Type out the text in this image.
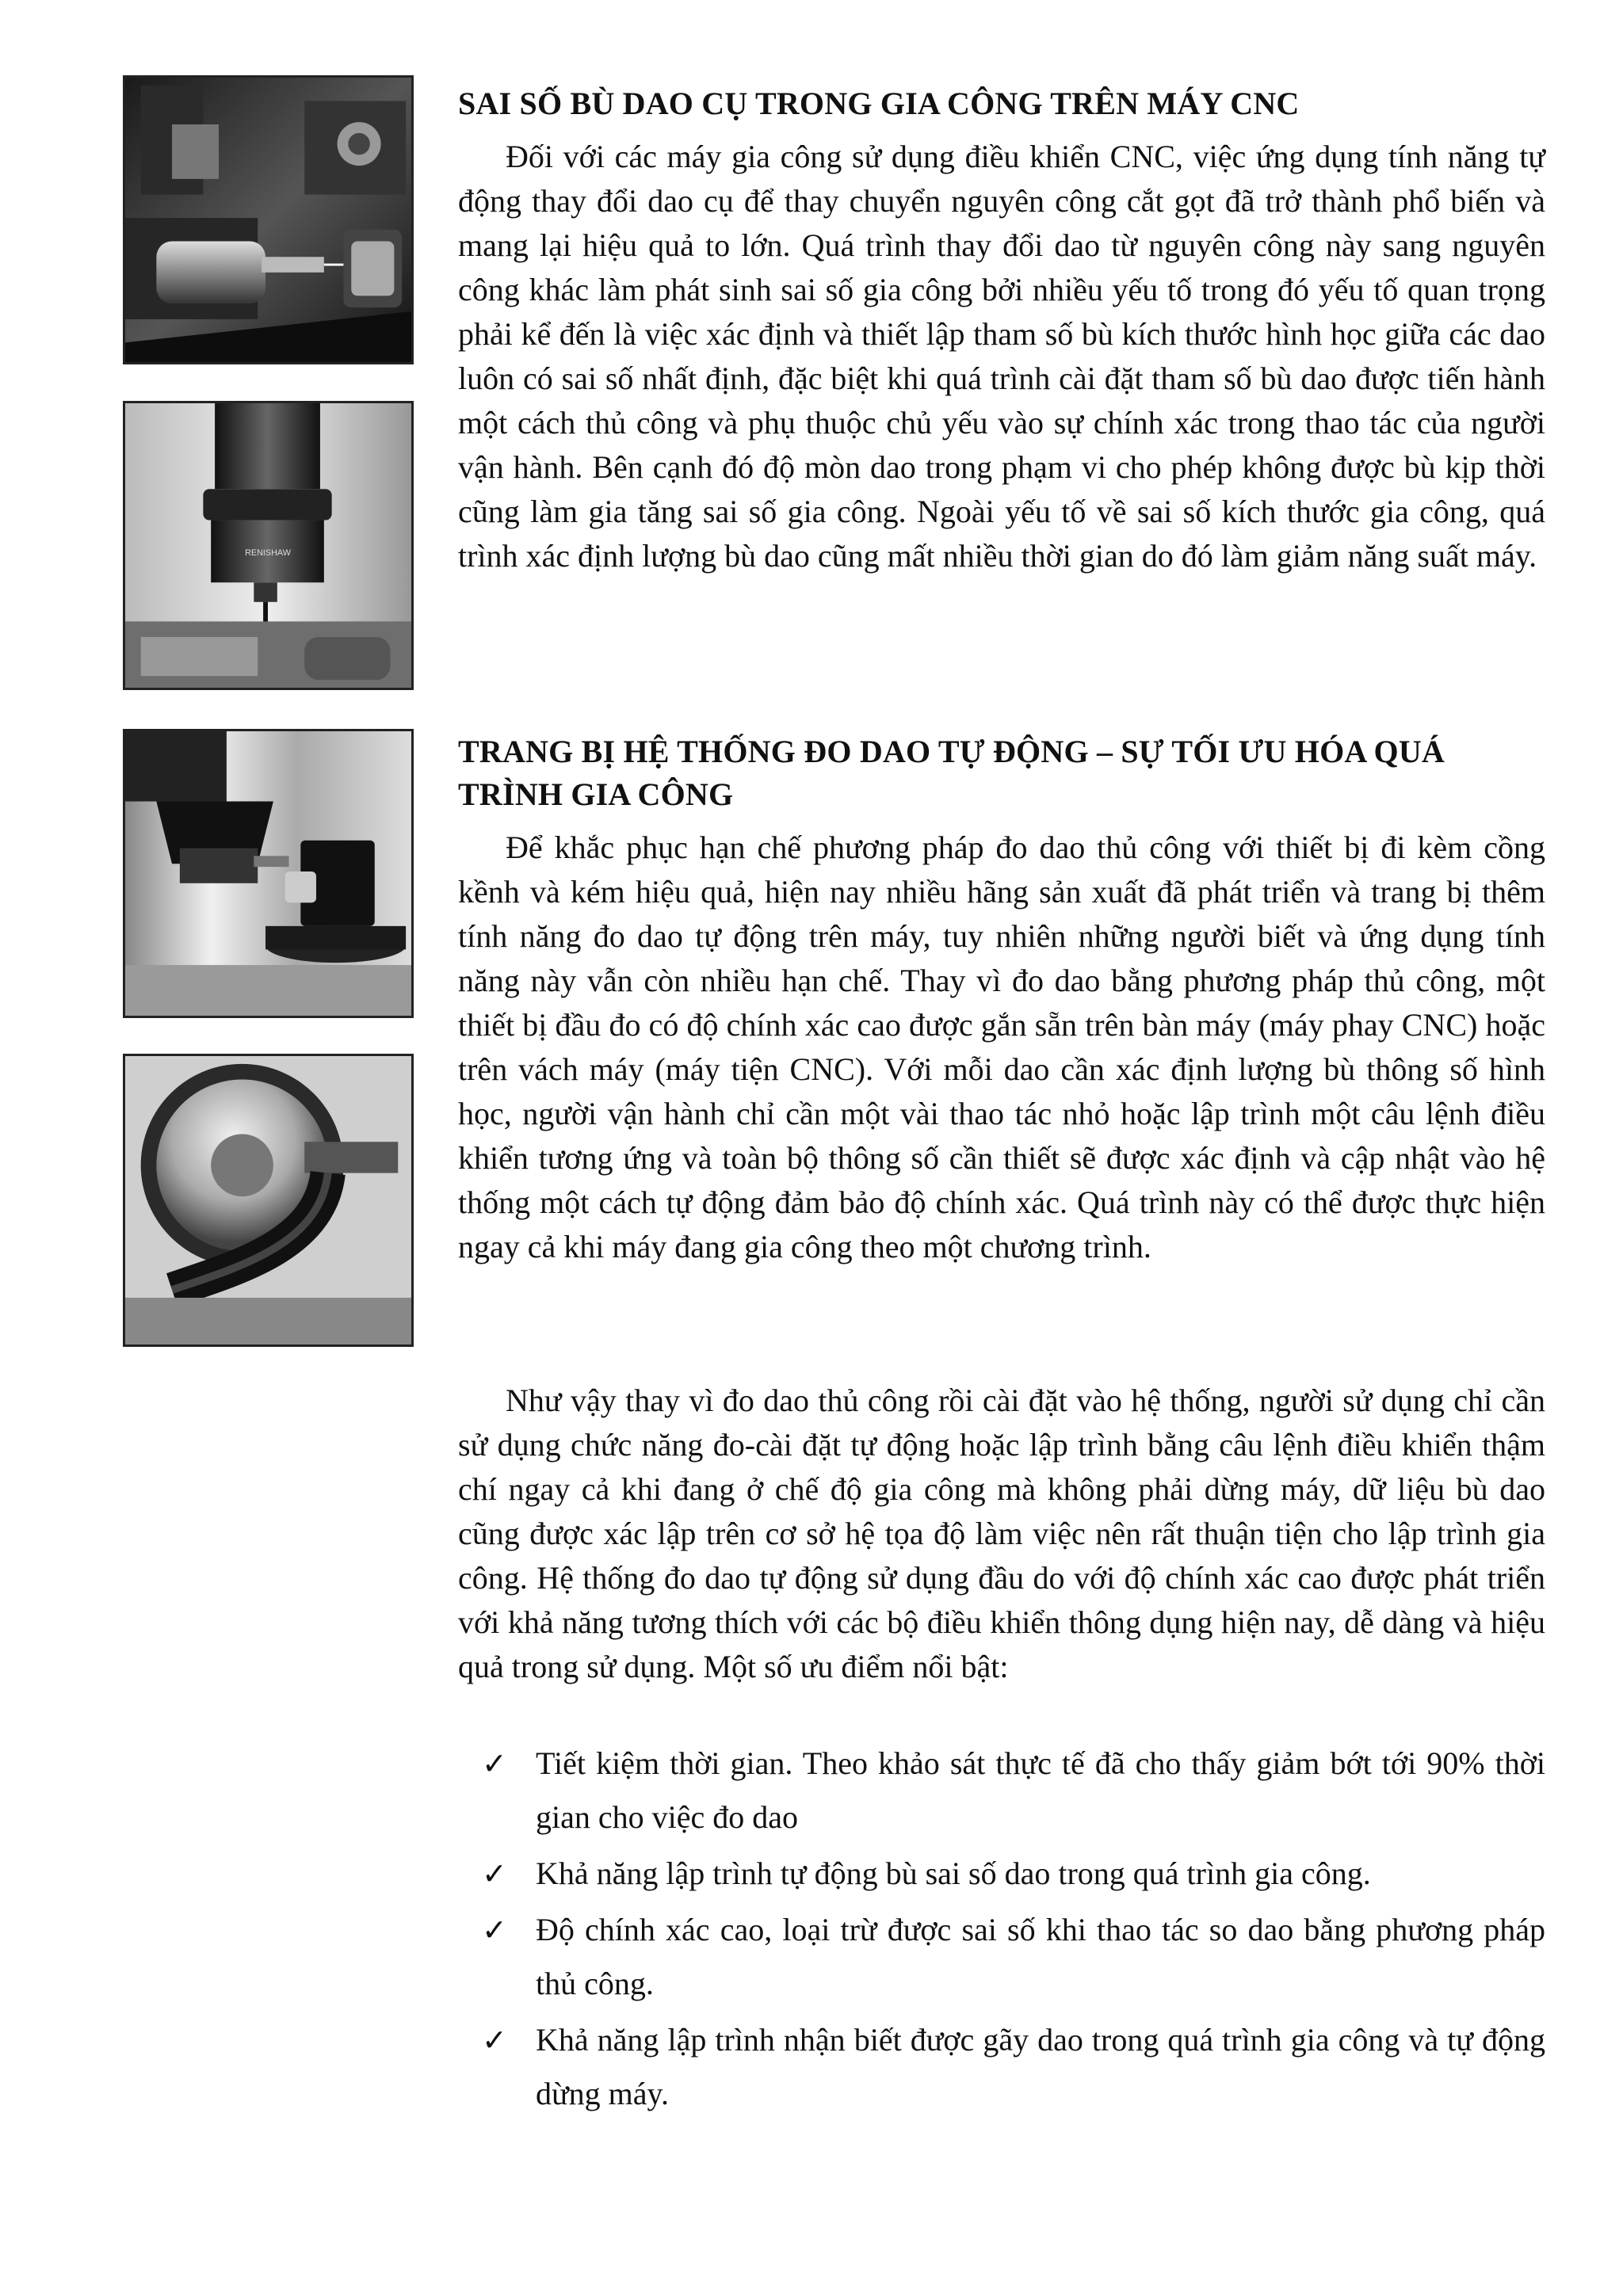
RENISHAW
SAI SỐ BÙ DAO CỤ TRONG GIA CÔNG TRÊN MÁY CNC

Đối với các máy gia công sử dụng điều khiển CNC, việc ứng dụng tính năng tự động thay đổi dao cụ để thay chuyển nguyên công cắt gọt đã trở thành phổ biến và mang lại hiệu quả to lớn. Quá trình thay đổi dao từ nguyên công này sang nguyên công khác làm phát sinh sai số gia công bởi nhiều yếu tố trong đó yếu tố quan trọng phải kể đến là việc xác định và thiết lập tham số bù kích thước hình học giữa các dao luôn có sai số nhất định, đặc biệt khi quá trình cài đặt tham số bù dao được tiến hành một cách thủ công và phụ thuộc chủ yếu vào sự chính xác trong thao tác của người vận hành. Bên cạnh đó độ mòn dao trong phạm vi cho phép không được bù kịp thời cũng làm gia tăng sai số gia công. Ngoài yếu tố về sai số kích thước gia công, quá trình xác định lượng bù dao cũng mất nhiều thời gian do đó làm giảm năng suất máy.

TRANG BỊ HỆ THỐNG ĐO DAO TỰ ĐỘNG – SỰ TỐI ƯU HÓA QUÁ TRÌNH GIA CÔNG

Để khắc phục hạn chế phương pháp đo dao thủ công với thiết bị đi kèm cồng kềnh và kém hiệu quả, hiện nay nhiều hãng sản xuất đã phát triển và trang bị thêm tính năng đo dao tự động trên máy, tuy nhiên những người biết và ứng dụng tính năng này vẫn còn nhiều hạn chế. Thay vì đo dao bằng phương pháp thủ công, một thiết bị đầu đo có độ chính xác cao được gắn sẵn trên bàn máy (máy phay CNC) hoặc trên vách máy (máy tiện CNC). Với mỗi dao cần xác định lượng bù thông số hình học, người vận hành chỉ cần một vài thao tác nhỏ hoặc lập trình một câu lệnh điều khiển tương ứng và toàn bộ thông số cần thiết sẽ được xác định và cập nhật vào hệ thống một cách tự động đảm bảo độ chính xác. Quá trình này có thể được thực hiện ngay cả khi máy đang gia công theo một chương trình.

Như vậy thay vì đo dao thủ công rồi cài đặt vào hệ thống, người sử dụng chỉ cần sử dụng chức năng đo-cài đặt tự động hoặc lập trình bằng câu lệnh điều khiển thậm chí ngay cả khi đang ở chế độ gia công mà không phải dừng máy, dữ liệu bù dao cũng được xác lập trên cơ sở hệ tọa độ làm việc nên rất thuận tiện cho lập trình gia công. Hệ thống đo dao tự động sử dụng đầu do với độ chính xác cao được phát triển với khả năng tương thích với các bộ điều khiển thông dụng hiện nay, dễ dàng và hiệu quả trong sử dụng. Một số ưu điểm nổi bật:

✓ Tiết kiệm thời gian. Theo khảo sát thực tế đã cho thấy giảm bớt tới 90% thời gian cho việc đo dao
✓ Khả năng lập trình tự động bù sai số dao trong quá trình gia công.
✓ Độ chính xác cao, loại trừ được sai số khi thao tác so dao bằng phương pháp thủ công.
✓ Khả năng lập trình nhận biết được gãy dao trong quá trình gia công và tự động dừng máy.
